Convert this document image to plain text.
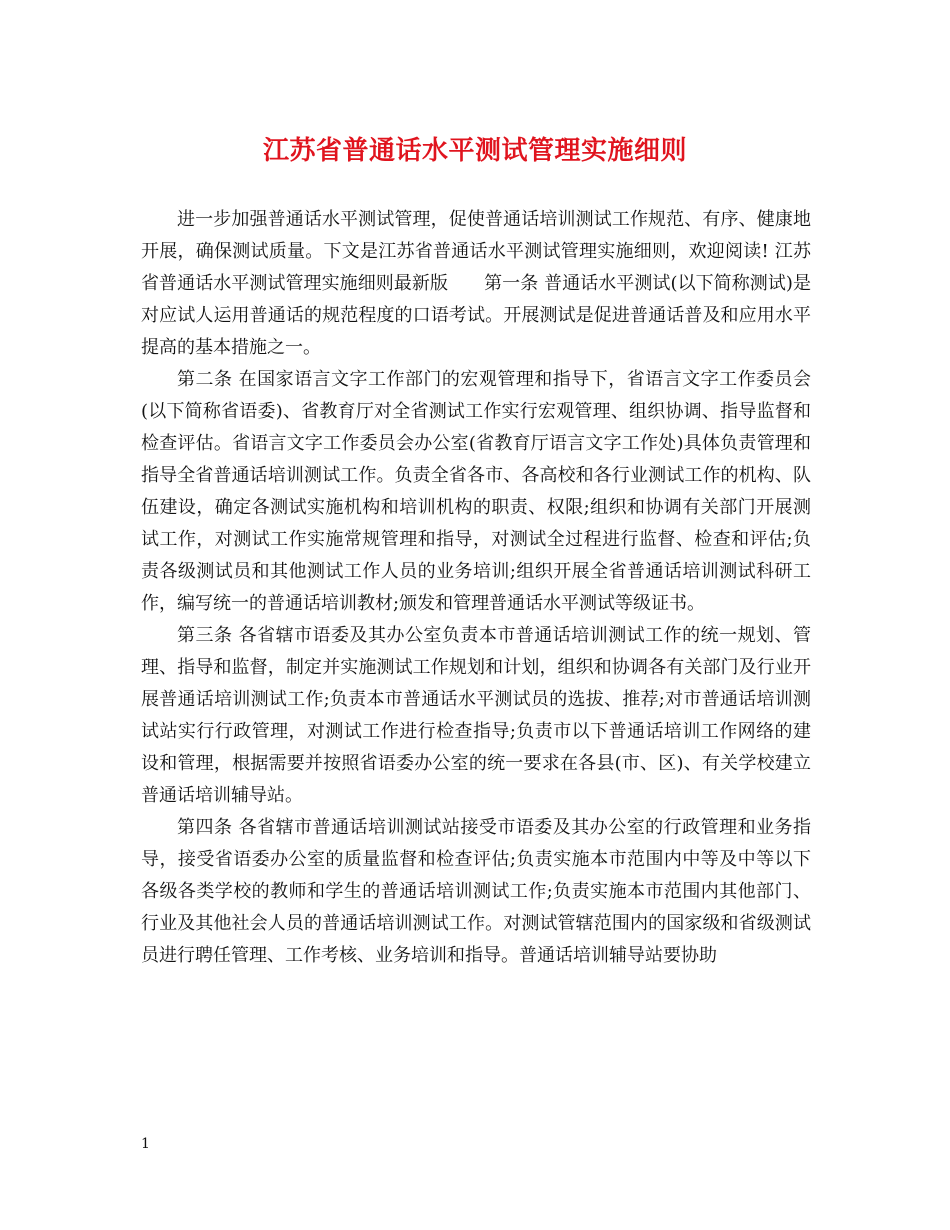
江苏省普通话水平测试管理实施细则

进一步加强普通话水平测试管理，促使普通话培训测试工作规范、有序、健康地开展，确保测试质量。下文是江苏省普通话水平测试管理实施细则，欢迎阅读! 江苏省普通话水平测试管理实施细则最新版　　第一条 普通话水平测试(以下简称测试)是对应试人运用普通话的规范程度的口语考试。开展测试是促进普通话普及和应用水平提高的基本措施之一。

第二条 在国家语言文字工作部门的宏观管理和指导下，省语言文字工作委员会(以下简称省语委)、省教育厅对全省测试工作实行宏观管理、组织协调、指导监督和检查评估。省语言文字工作委员会办公室(省教育厅语言文字工作处)具体负责管理和指导全省普通话培训测试工作。负责全省各市、各高校和各行业测试工作的机构、队伍建设，确定各测试实施机构和培训机构的职责、权限;组织和协调有关部门开展测试工作，对测试工作实施常规管理和指导，对测试全过程进行监督、检查和评估;负责各级测试员和其他测试工作人员的业务培训;组织开展全省普通话培训测试科研工作，编写统一的普通话培训教材;颁发和管理普通话水平测试等级证书。

第三条 各省辖市语委及其办公室负责本市普通话培训测试工作的统一规划、管理、指导和监督，制定并实施测试工作规划和计划，组织和协调各有关部门及行业开展普通话培训测试工作;负责本市普通话水平测试员的选拔、推荐;对市普通话培训测试站实行行政管理，对测试工作进行检查指导;负责市以下普通话培训工作网络的建设和管理，根据需要并按照省语委办公室的统一要求在各县(市、区)、有关学校建立普通话培训辅导站。

第四条 各省辖市普通话培训测试站接受市语委及其办公室的行政管理和业务指导，接受省语委办公室的质量监督和检查评估;负责实施本市范围内中等及中等以下各级各类学校的教师和学生的普通话培训测试工作;负责实施本市范围内其他部门、行业及其他社会人员的普通话培训测试工作。对测试管辖范围内的国家级和省级测试员进行聘任管理、工作考核、业务培训和指导。普通话培训辅导站要协助

1
